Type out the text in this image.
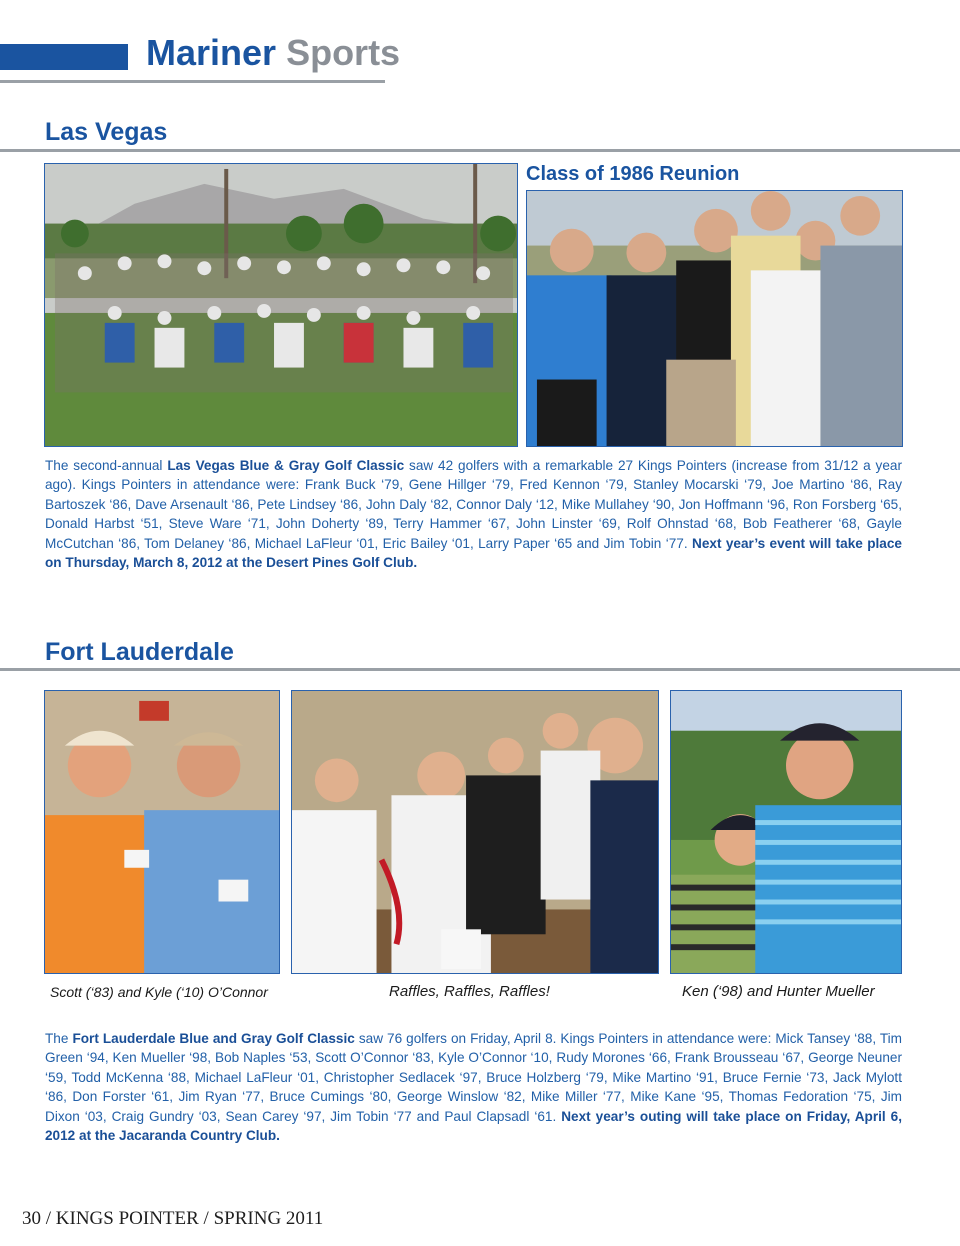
Mariner Sports
Las Vegas
Class of 1986 Reunion

The second-annual Las Vegas Blue & Gray Golf Classic saw 42 golfers with a remarkable 27 Kings Pointers (increase from 31/12 a year ago). Kings Pointers in attendance were: Frank Buck ‘79, Gene Hillger ‘79, Fred Kennon ‘79, Stanley Mocarski ‘79, Joe Martino ‘86, Ray Bartoszek ‘86, Dave Arsenault ‘86, Pete Lindsey ‘86, John Daly ‘82, Connor Daly ‘12, Mike Mullahey ‘90, Jon Hoffmann ‘96, Ron Forsberg ‘65, Donald Harbst ‘51, Steve Ware ‘71, John Doherty ‘89, Terry Hammer ‘67, John Linster ‘69, Rolf Ohnstad ‘68, Bob Featherer ‘68, Gayle McCutchan ‘86, Tom Delaney ‘86, Michael LaFleur ‘01, Eric Bailey ‘01, Larry Paper ‘65 and Jim Tobin ‘77. Next year’s event will take place on Thursday, March 8, 2012 at the Desert Pines Golf Club.

Fort Lauderdale
Scott (‘83) and Kyle (‘10) O’Connor	Raffles, Raffles, Raffles!	Ken (‘98) and Hunter Mueller

The Fort Lauderdale Blue and Gray Golf Classic saw 76 golfers on Friday, April 8. Kings Pointers in attendance were: Mick Tansey ‘88, Tim Green ‘94, Ken Mueller ‘98, Bob Naples ‘53, Scott O’Connor ‘83, Kyle O’Connor ‘10, Rudy Morones ‘66, Frank Brousseau ‘67, George Neuner ‘59, Todd McKenna ‘88, Michael LaFleur ‘01, Christopher Sedlacek ‘97, Bruce Holzberg ‘79, Mike Martino ‘91, Bruce Fernie ‘73, Jack Mylott ‘86, Don Forster ‘61, Jim Ryan ‘77, Bruce Cumings ‘80, George Winslow ‘82, Mike Miller ‘77, Mike Kane ‘95, Thomas Fedoration ‘75, Jim Dixon ‘03, Craig Gundry ‘03, Sean Carey ‘97, Jim Tobin ‘77 and Paul Clapsadl ‘61. Next year’s outing will take place on Friday, April 6, 2012 at the Jacaranda Country Club.

30 / KINGS POINTER / SPRING 2011
